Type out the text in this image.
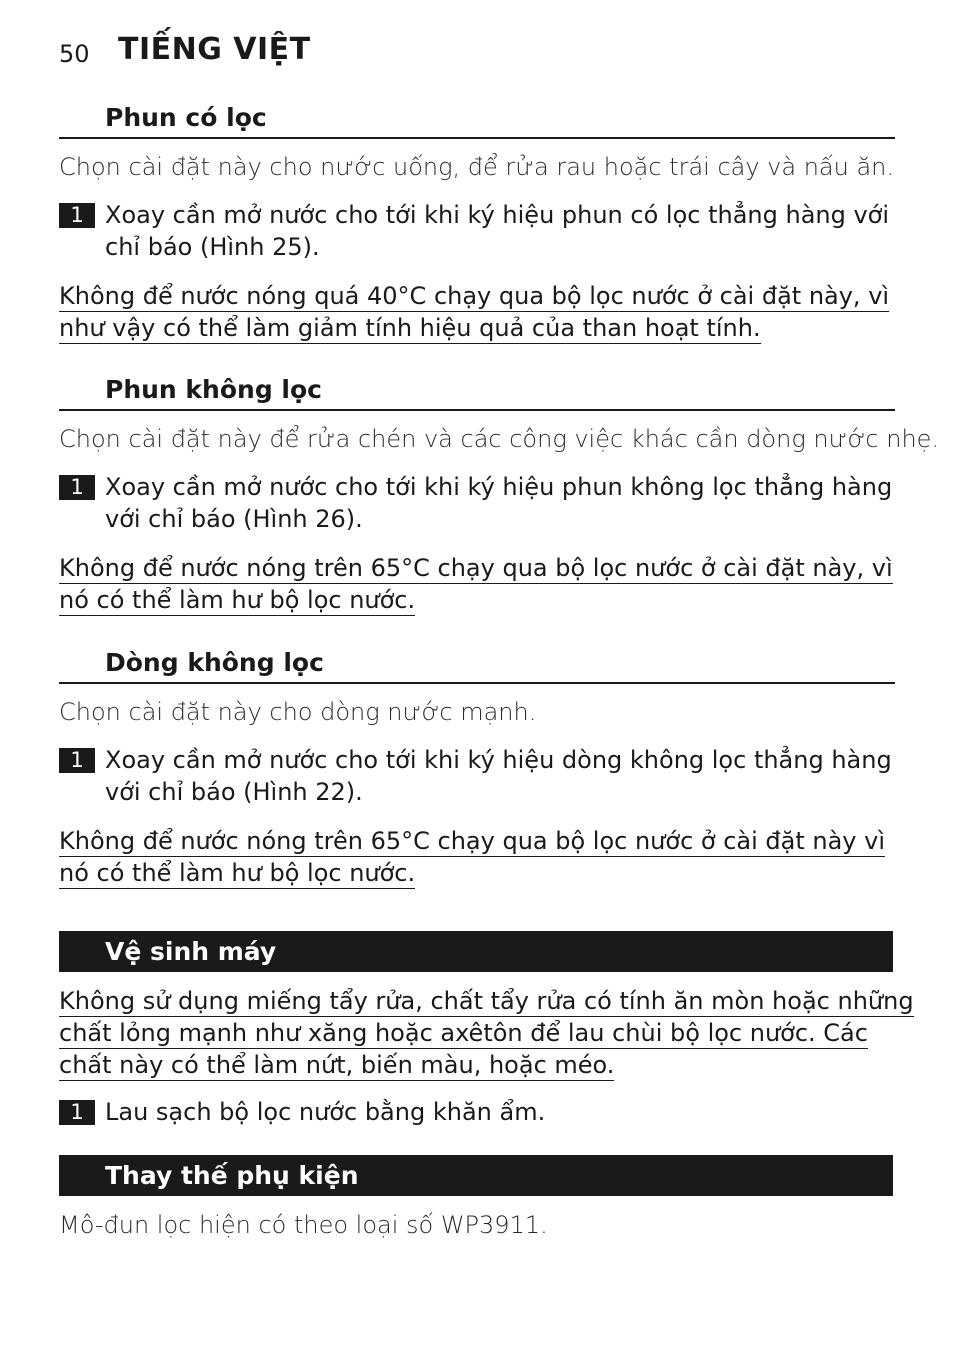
50 TIẾNG VIỆT
Phun có lọc

Chọn cài đặt này cho nước uống, để rửa rau hoặc trái cây và nấu ăn.

1 Xoay cần mở nước cho tới khi ký hiệu phun có lọc thẳng hàng với
chỉ báo (Hình 25).
Không để nước nóng quá 40°C chạy qua bộ lọc nước ở cài đặt này, vì
như vậy có thể làm giảm tính hiệu quả của than hoạt tính.
Phun không lọc

Chọn cài đặt này để rửa chén và các công việc khác cần dòng nước nhẹ.

1 Xoay cần mở nước cho tới khi ký hiệu phun không lọc thẳng hàng
với chỉ báo (Hình 26).
Không để nước nóng trên 65°C chạy qua bộ lọc nước ở cài đặt này, vì
nó có thể làm hư bộ lọc nước.
Dòng không lọc

Chọn cài đặt này cho dòng nước mạnh.

1 Xoay cần mở nước cho tới khi ký hiệu dòng không lọc thẳng hàng
với chỉ báo (Hình 22).
Không để nước nóng trên 65°C chạy qua bộ lọc nước ở cài đặt này vì
nó có thể làm hư bộ lọc nước.
Vệ sinh máy
Không sử dụng miếng tẩy rửa, chất tẩy rửa có tính ăn mòn hoặc những
chất lỏng mạnh như xăng hoặc axêtôn để lau chùi bộ lọc nước. Các
chất này có thể làm nứt, biến màu, hoặc méo.
1 Lau sạch bộ lọc nước bằng khăn ẩm.
Thay thế phụ kiện

Mô-đun lọc hiện có theo loại số WP3911.
